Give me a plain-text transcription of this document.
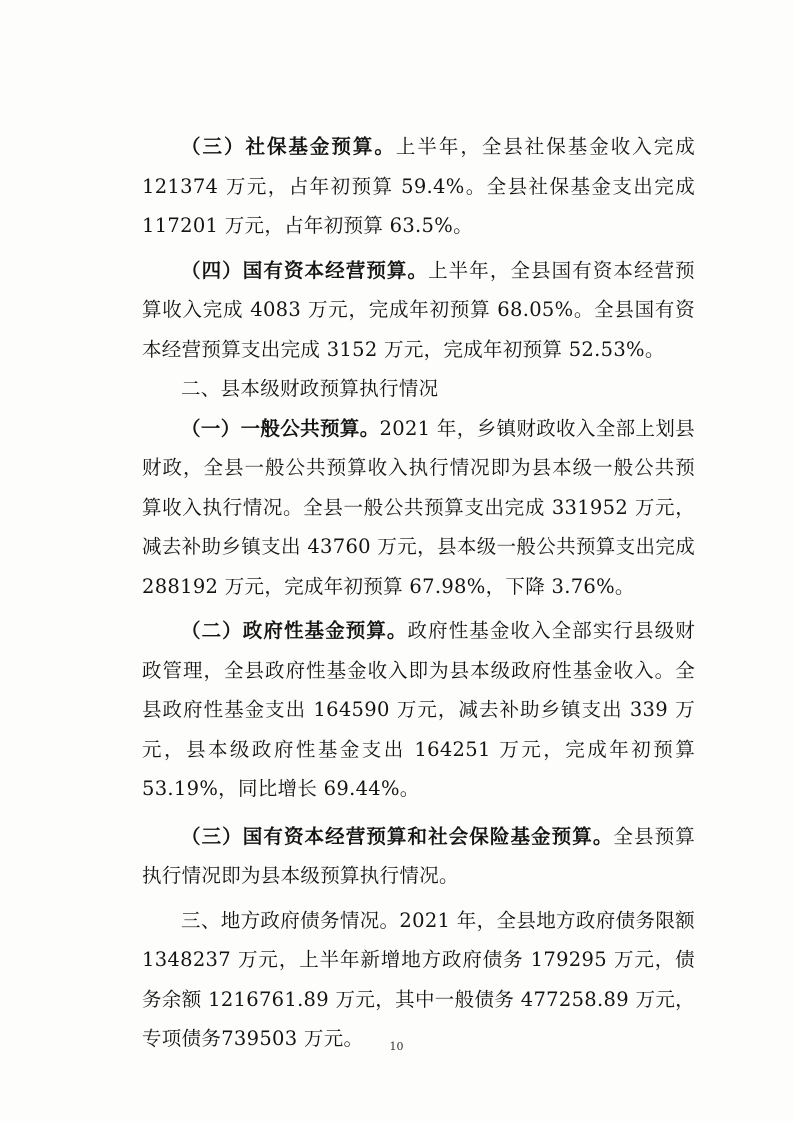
（三）社保基金预算。上半年，全县社保基金收入完成121374 万元，占年初预算 59.4%。全县社保基金支出完成117201 万元，占年初预算 63.5%。

（四）国有资本经营预算。上半年，全县国有资本经营预算收入完成 4083 万元，完成年初预算 68.05%。全县国有资本经营预算支出完成 3152 万元，完成年初预算 52.53%。

二、县本级财政预算执行情况

（一）一般公共预算。2021 年，乡镇财政收入全部上划县财政，全县一般公共预算收入执行情况即为县本级一般公共预算收入执行情况。全县一般公共预算支出完成 331952 万元，减去补助乡镇支出 43760 万元，县本级一般公共预算支出完成288192 万元，完成年初预算 67.98%，下降 3.76%。

（二）政府性基金预算。政府性基金收入全部实行县级财政管理，全县政府性基金收入即为县本级政府性基金收入。全县政府性基金支出 164590 万元，减去补助乡镇支出 339 万元，县本级政府性基金支出 164251 万元，完成年初预算 53.19%，同比增长 69.44%。

（三）国有资本经营预算和社会保险基金预算。全县预算执行情况即为县本级预算执行情况。

三、地方政府债务情况。2021 年，全县地方政府债务限额1348237 万元，上半年新增地方政府债务 179295 万元，债务余额 1216761.89 万元，其中一般债务 477258.89 万元，专项债务739503 万元。	10
